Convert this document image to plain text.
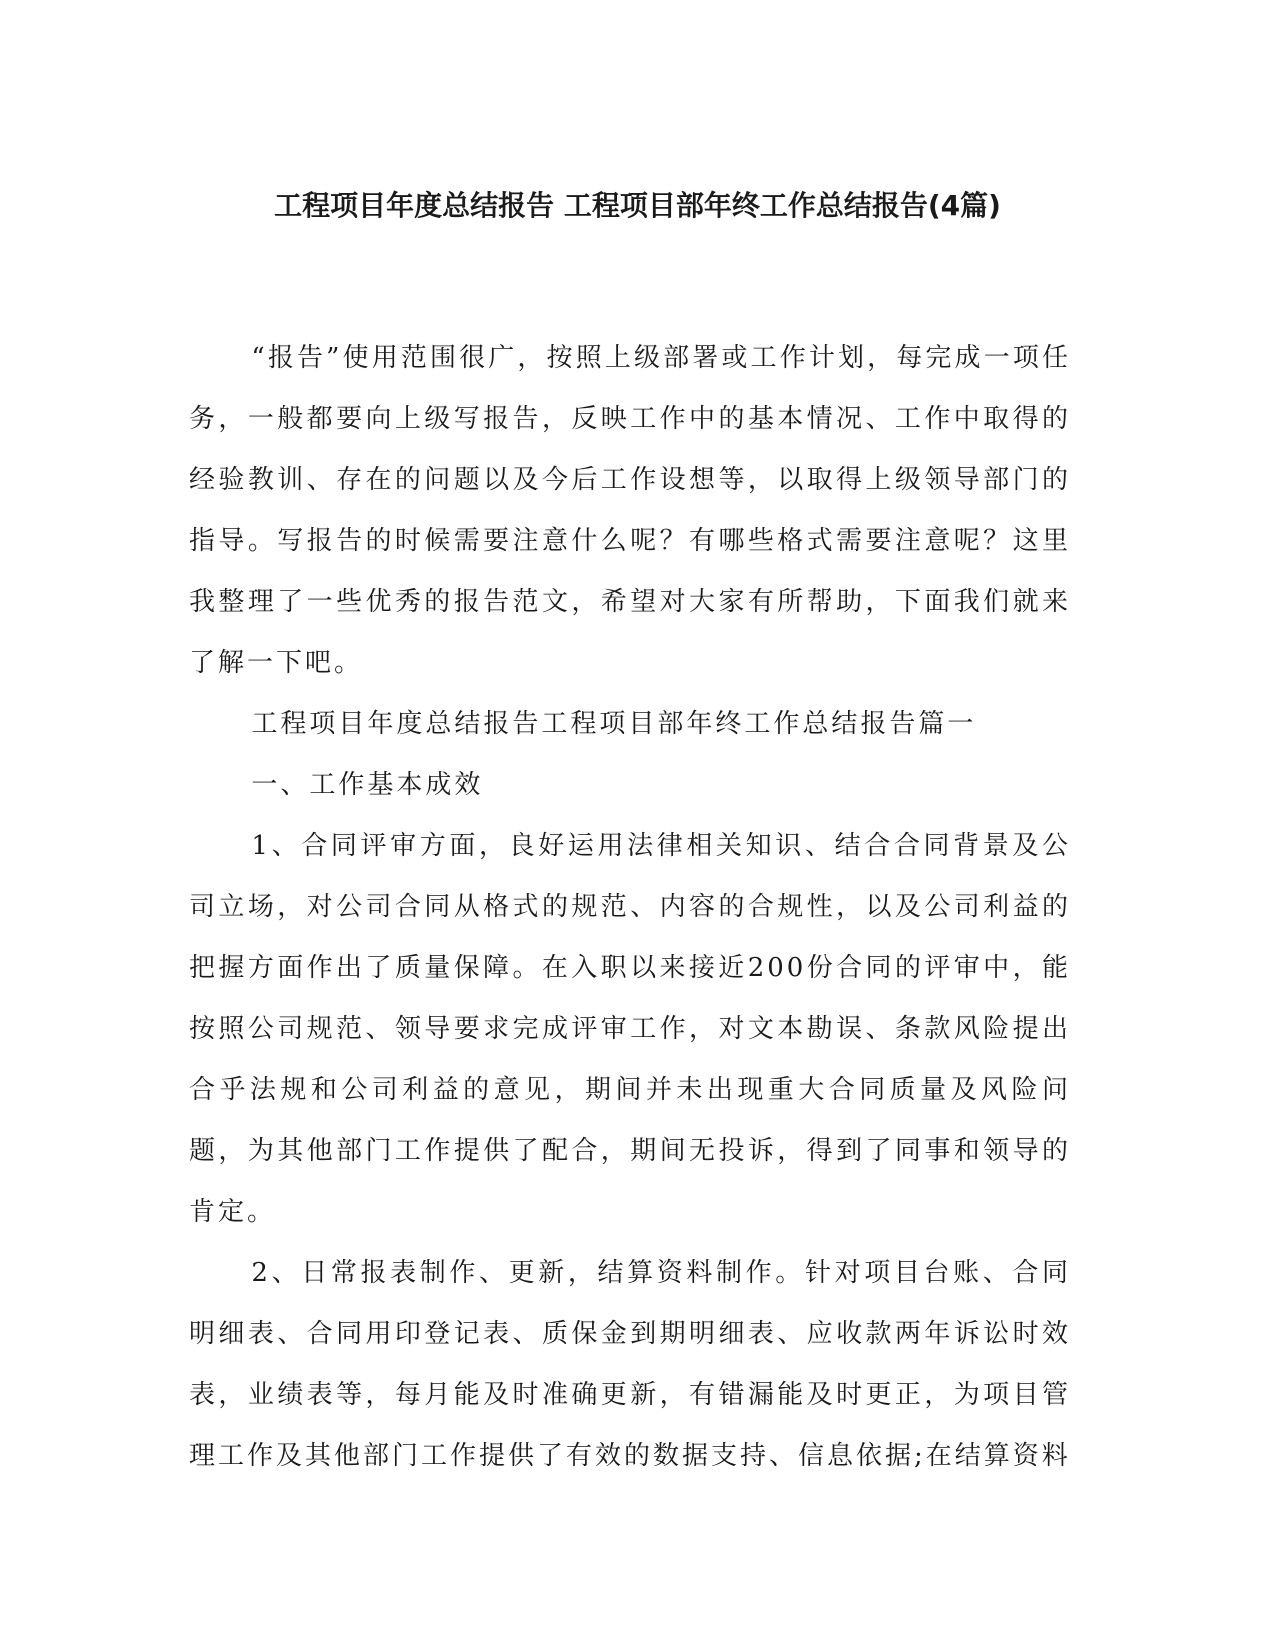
工程项目年度总结报告 工程项目部年终工作总结报告(4篇)

“报告”使用范围很广，按照上级部署或工作计划，每完成一项任务，一般都要向上级写报告，反映工作中的基本情况、工作中取得的经验教训、存在的问题以及今后工作设想等，以取得上级领导部门的指导。写报告的时候需要注意什么呢？有哪些格式需要注意呢？这里我整理了一些优秀的报告范文，希望对大家有所帮助，下面我们就来了解一下吧。

工程项目年度总结报告工程项目部年终工作总结报告篇一

一、工作基本成效

1、合同评审方面，良好运用法律相关知识、结合合同背景及公司立场，对公司合同从格式的规范、内容的合规性，以及公司利益的把握方面作出了质量保障。在入职以来接近200份合同的评审中，能按照公司规范、领导要求完成评审工作，对文本勘误、条款风险提出合乎法规和公司利益的意见，期间并未出现重大合同质量及风险问题，为其他部门工作提供了配合，期间无投诉，得到了同事和领导的肯定。

2、日常报表制作、更新，结算资料制作。针对项目台账、合同明细表、合同用印登记表、质保金到期明细表、应收款两年诉讼时效表，业绩表等，每月能及时准确更新，有错漏能及时更正，为项目管理工作及其他部门工作提供了有效的数据支持、信息依据;在结算资料
